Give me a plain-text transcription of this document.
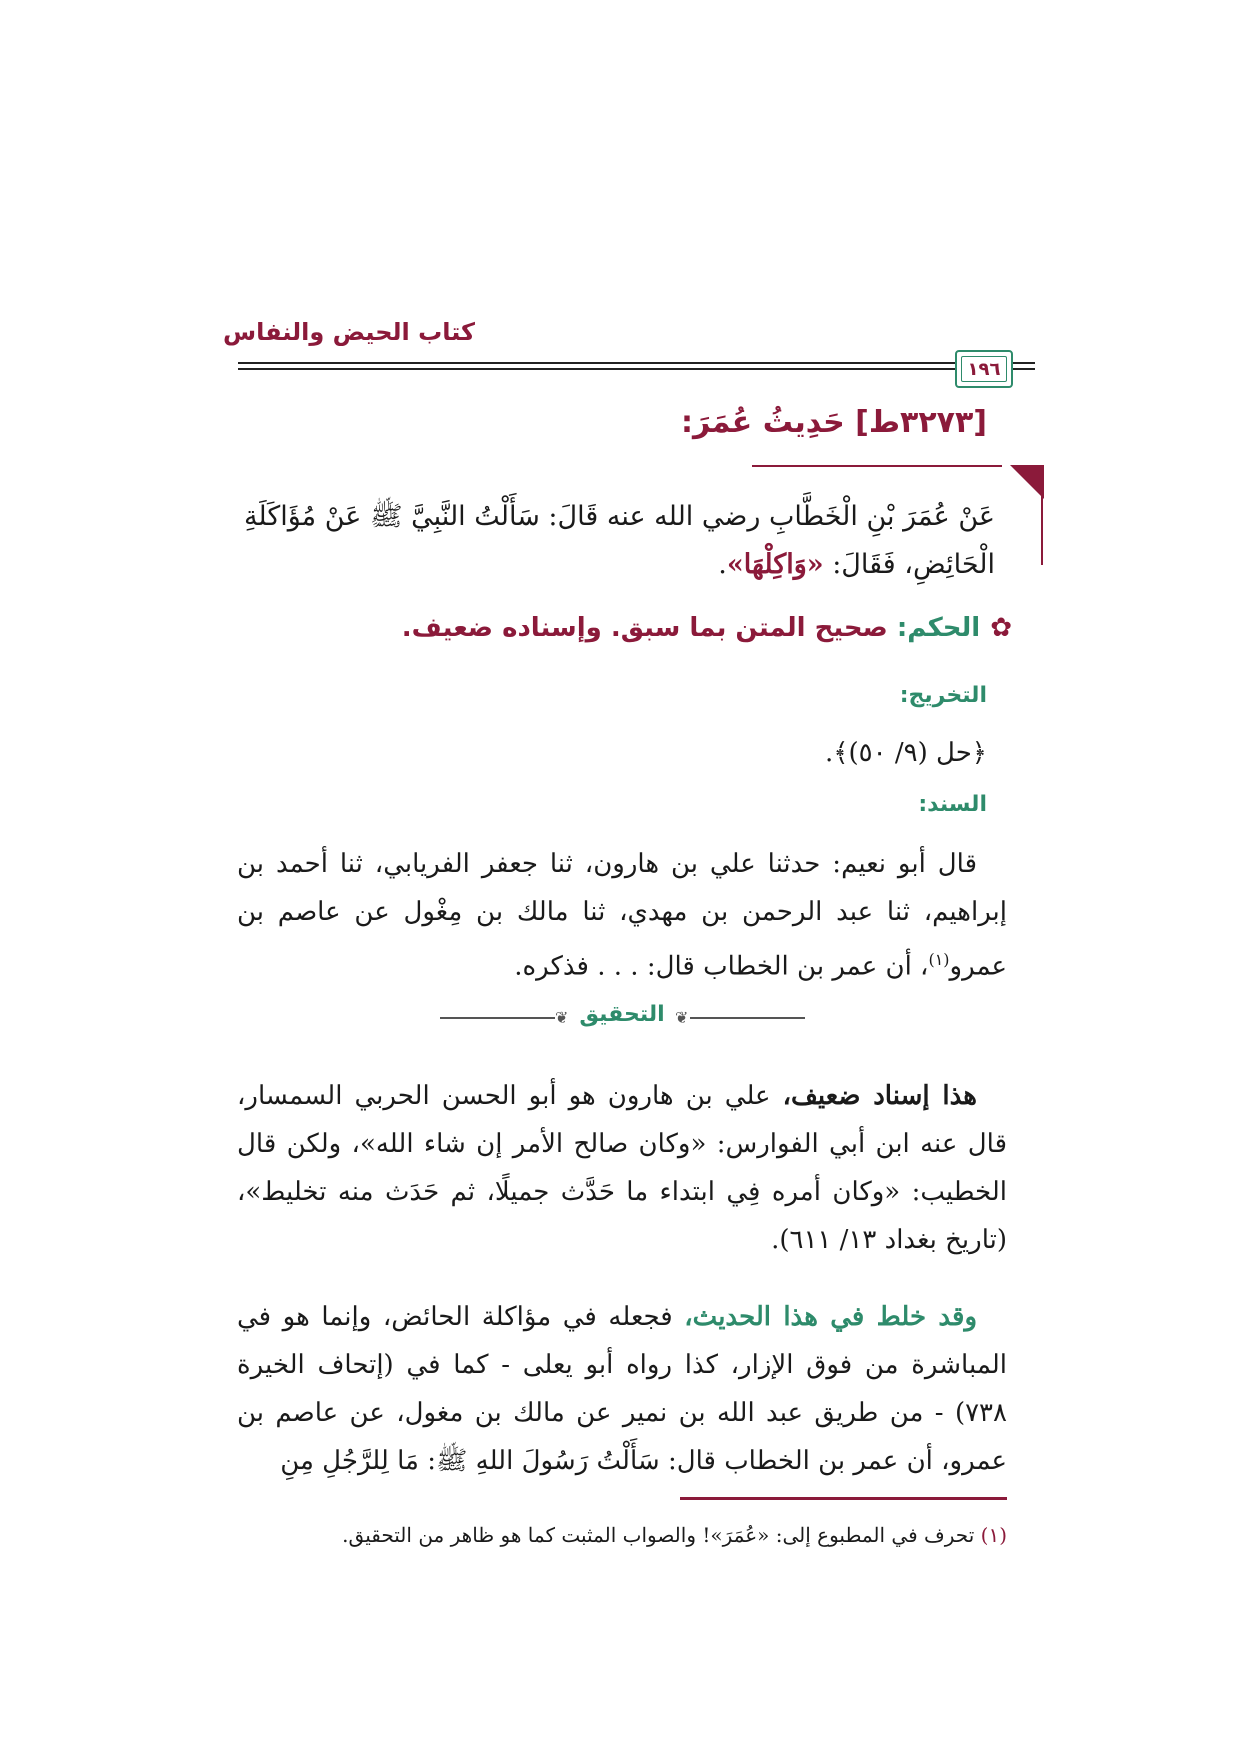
كتاب الحيض والنفاس
١٩٦
[٣٢٧٣ط] حَدِيثُ عُمَرَ:
عَنْ عُمَرَ بْنِ الْخَطَّابِ رضي الله عنه قَالَ: سَأَلْتُ النَّبِيَّ ﷺ عَنْ مُؤَاكَلَةِ الْحَائِضِ، فَقَالَ: «وَاكِلْهَا».
✿الحكم: صحيح المتن بما سبق. وإسناده ضعيف.
التخريج:
﴿حل (٩/ ٥٠)﴾.
السند:
قال أبو نعيم: حدثنا علي بن هارون، ثنا جعفر الفريابي، ثنا أحمد بن إبراهيم، ثنا عبد الرحمن بن مهدي، ثنا مالك بن مِغْول عن عاصم بن عمرو$^{(١)}$، أن عمر بن الخطاب قال: . . . فذكره.
❦	❦
التحقيق
هذا إسناد ضعيف، علي بن هارون هو أبو الحسن الحربي السمسار، قال عنه ابن أبي الفوارس: «وكان صالح الأمر إن شاء الله»، ولكن قال الخطيب: «وكان أمره فِي ابتداء ما حَدَّث جميلًا، ثم حَدَث منه تخليط»، (تاريخ بغداد ١٣/ ٦١١).
وقد خلط في هذا الحديث، فجعله في مؤاكلة الحائض، وإنما هو في المباشرة من فوق الإزار، كذا رواه أبو يعلى - كما في (إتحاف الخيرة ٧٣٨) - من طريق عبد الله بن نمير عن مالك بن مغول، عن عاصم بن عمرو، أن عمر بن الخطاب قال: سَأَلْتُ رَسُولَ اللهِ ﷺ: مَا لِلرَّجُلِ مِنِ
(١) تحرف في المطبوع إلى: «عُمَرَ»! والصواب المثبت كما هو ظاهر من التحقيق.
